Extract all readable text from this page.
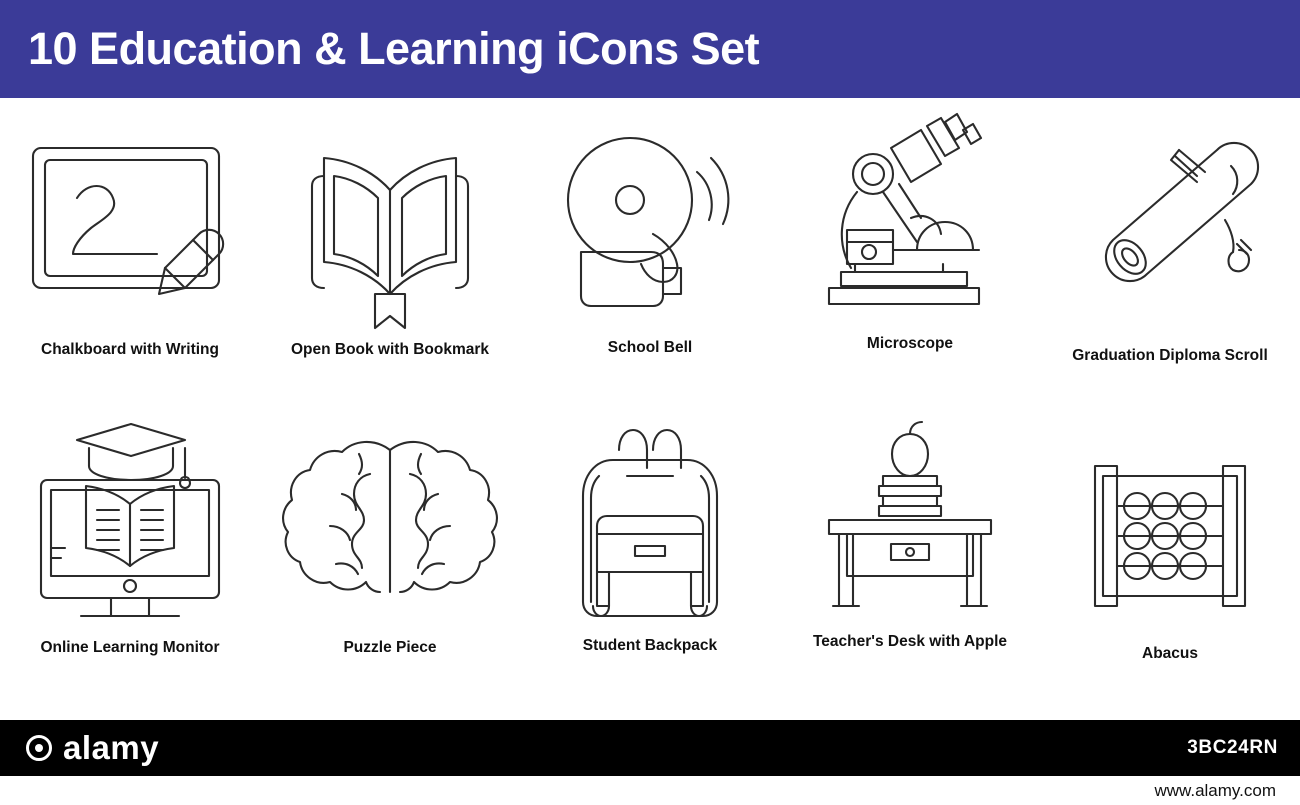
10 Education & Learning iCons Set
Chalkboard with Writing	Open Book with Bookmark	School Bell	Microscope
Graduation Diploma Scroll
Online Learning Monitor	Puzzle Piece	Student Backpack	Teacher's Desk with Apple
Abacus
alamy	3BC24RN
www.alamy.com
